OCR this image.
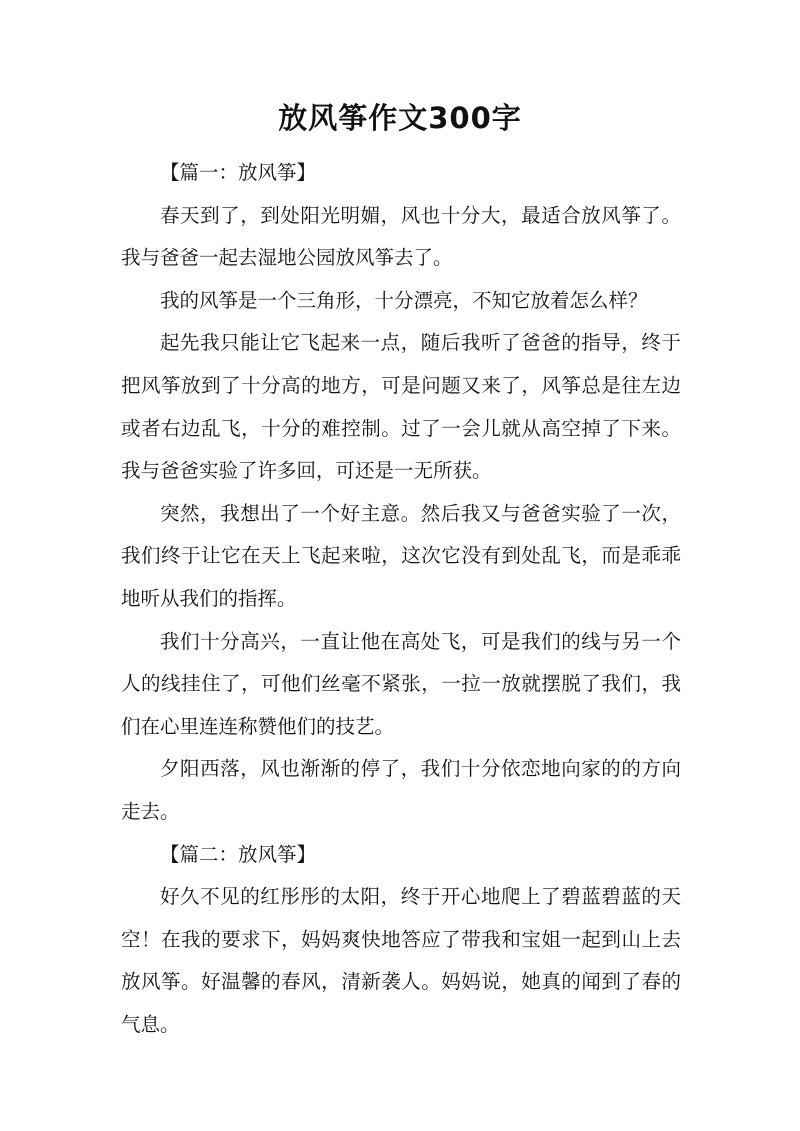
放风筝作文300字

【篇一：放风筝】

春天到了，到处阳光明媚，风也十分大，最适合放风筝了。我与爸爸一起去湿地公园放风筝去了。

我的风筝是一个三角形，十分漂亮，不知它放着怎么样？

起先我只能让它飞起来一点，随后我听了爸爸的指导，终于把风筝放到了十分高的地方，可是问题又来了，风筝总是往左边或者右边乱飞，十分的难控制。过了一会儿就从高空掉了下来。我与爸爸实验了许多回，可还是一无所获。

突然，我想出了一个好主意。然后我又与爸爸实验了一次，我们终于让它在天上飞起来啦，这次它没有到处乱飞，而是乖乖地听从我们的指挥。

我们十分高兴，一直让他在高处飞，可是我们的线与另一个人的线挂住了，可他们丝毫不紧张，一拉一放就摆脱了我们，我们在心里连连称赞他们的技艺。

夕阳西落，风也渐渐的停了，我们十分依恋地向家的的方向走去。

【篇二：放风筝】

好久不见的红彤彤的太阳，终于开心地爬上了碧蓝碧蓝的天空！在我的要求下，妈妈爽快地答应了带我和宝姐一起到山上去放风筝。好温馨的春风，清新袭人。妈妈说，她真的闻到了春的气息。
